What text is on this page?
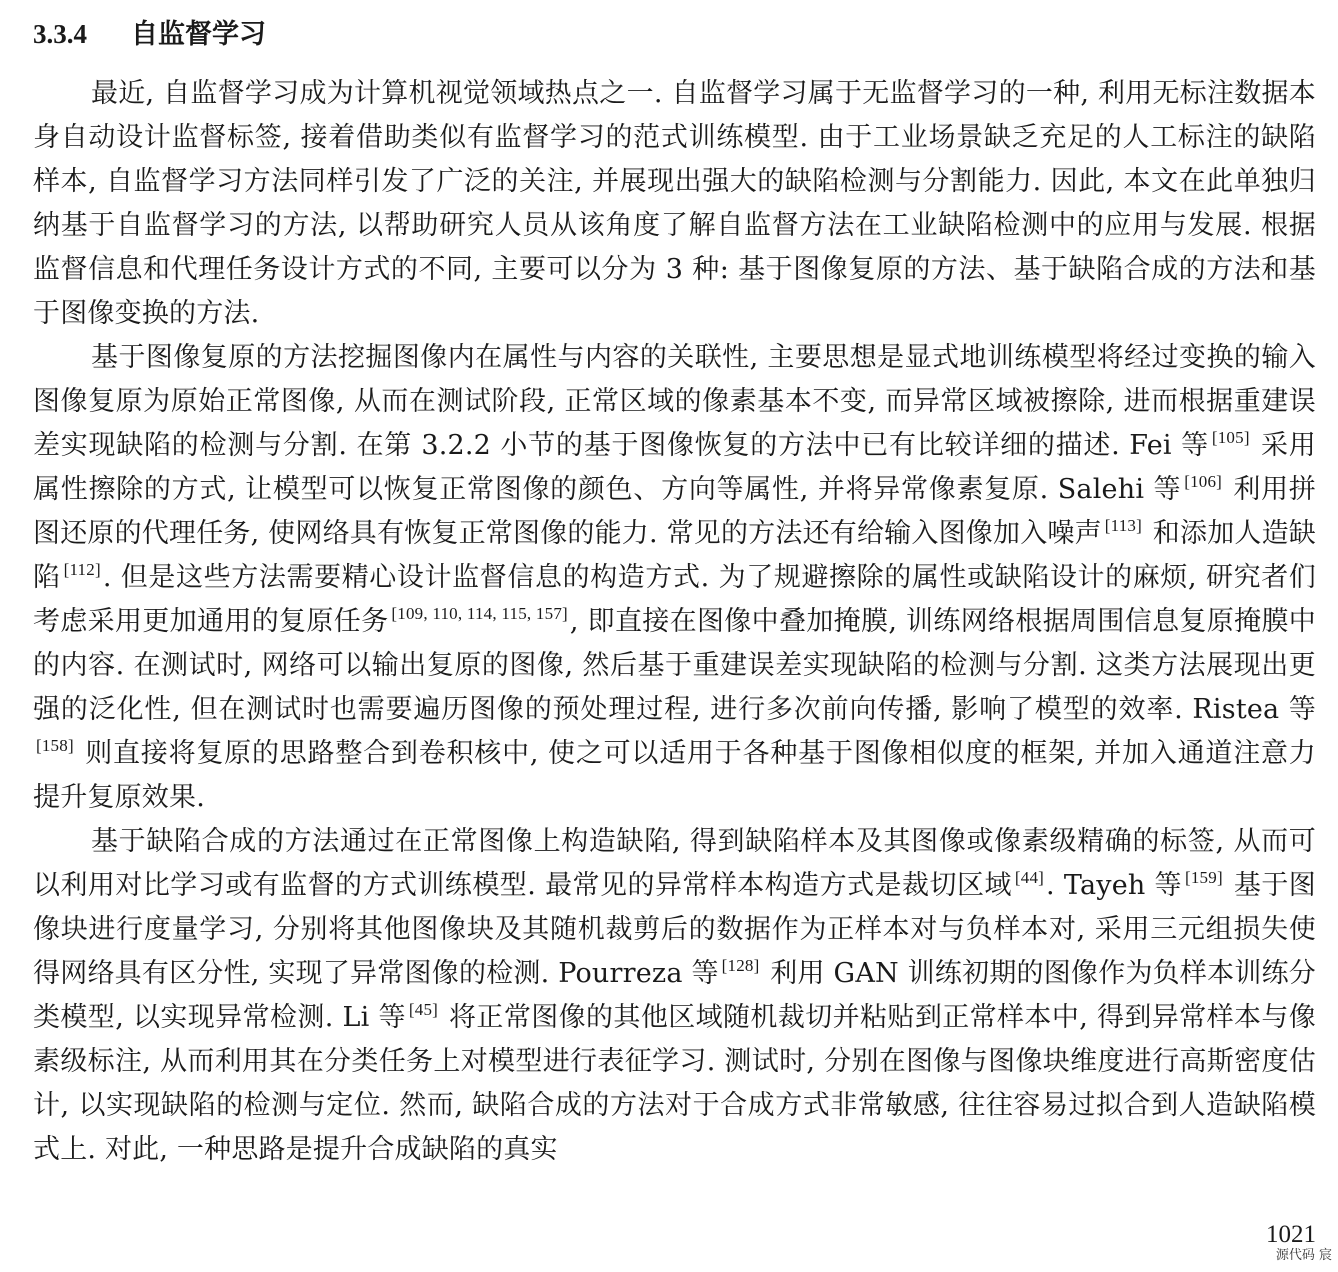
3.3.4 自监督学习

最近, 自监督学习成为计算机视觉领域热点之一. 自监督学习属于无监督学习的一种, 利用无标注数据本身自动设计监督标签, 接着借助类似有监督学习的范式训练模型. 由于工业场景缺乏充足的人工标注的缺陷样本, 自监督学习方法同样引发了广泛的关注, 并展现出强大的缺陷检测与分割能力. 因此, 本文在此单独归纳基于自监督学习的方法, 以帮助研究人员从该角度了解自监督方法在工业缺陷检测中的应用与发展. 根据监督信息和代理任务设计方式的不同, 主要可以分为 3 种: 基于图像复原的方法、基于缺陷合成的方法和基于图像变换的方法.

基于图像复原的方法挖掘图像内在属性与内容的关联性, 主要思想是显式地训练模型将经过变换的输入图像复原为原始正常图像, 从而在测试阶段, 正常区域的像素基本不变, 而异常区域被擦除, 进而根据重建误差实现缺陷的检测与分割. 在第 3.2.2 小节的基于图像恢复的方法中已有比较详细的描述. Fei 等 [105] 采用属性擦除的方式, 让模型可以恢复正常图像的颜色、方向等属性, 并将异常像素复原. Salehi 等 [106] 利用拼图还原的代理任务, 使网络具有恢复正常图像的能力. 常见的方法还有给输入图像加入噪声 [113] 和添加人造缺陷 [112]. 但是这些方法需要精心设计监督信息的构造方式. 为了规避擦除的属性或缺陷设计的麻烦, 研究者们考虑采用更加通用的复原任务 [109, 110, 114, 115, 157], 即直接在图像中叠加掩膜, 训练网络根据周围信息复原掩膜中的内容. 在测试时, 网络可以输出复原的图像, 然后基于重建误差实现缺陷的检测与分割. 这类方法展现出更强的泛化性, 但在测试时也需要遍历图像的预处理过程, 进行多次前向传播, 影响了模型的效率. Ristea 等[158] 则直接将复原的思路整合到卷积核中, 使之可以适用于各种基于图像相似度的框架, 并加入通道注意力提升复原效果.

基于缺陷合成的方法通过在正常图像上构造缺陷, 得到缺陷样本及其图像或像素级精确的标签, 从而可以利用对比学习或有监督的方式训练模型. 最常见的异常样本构造方式是裁切区域 [44]. Tayeh 等 [159] 基于图像块进行度量学习, 分别将其他图像块及其随机裁剪后的数据作为正样本对与负样本对, 采用三元组损失使得网络具有区分性, 实现了异常图像的检测. Pourreza 等 [128] 利用 GAN 训练初期的图像作为负样本训练分类模型, 以实现异常检测. Li 等 [45] 将正常图像的其他区域随机裁切并粘贴到正常样本中, 得到异常样本与像素级标注, 从而利用其在分类任务上对模型进行表征学习. 测试时, 分别在图像与图像块维度进行高斯密度估计, 以实现缺陷的检测与定位. 然而, 缺陷合成的方法对于合成方式非常敏感, 往往容易过拟合到人造缺陷模式上. 对此, 一种思路是提升合成缺陷的真实

1021
源代码 宸
